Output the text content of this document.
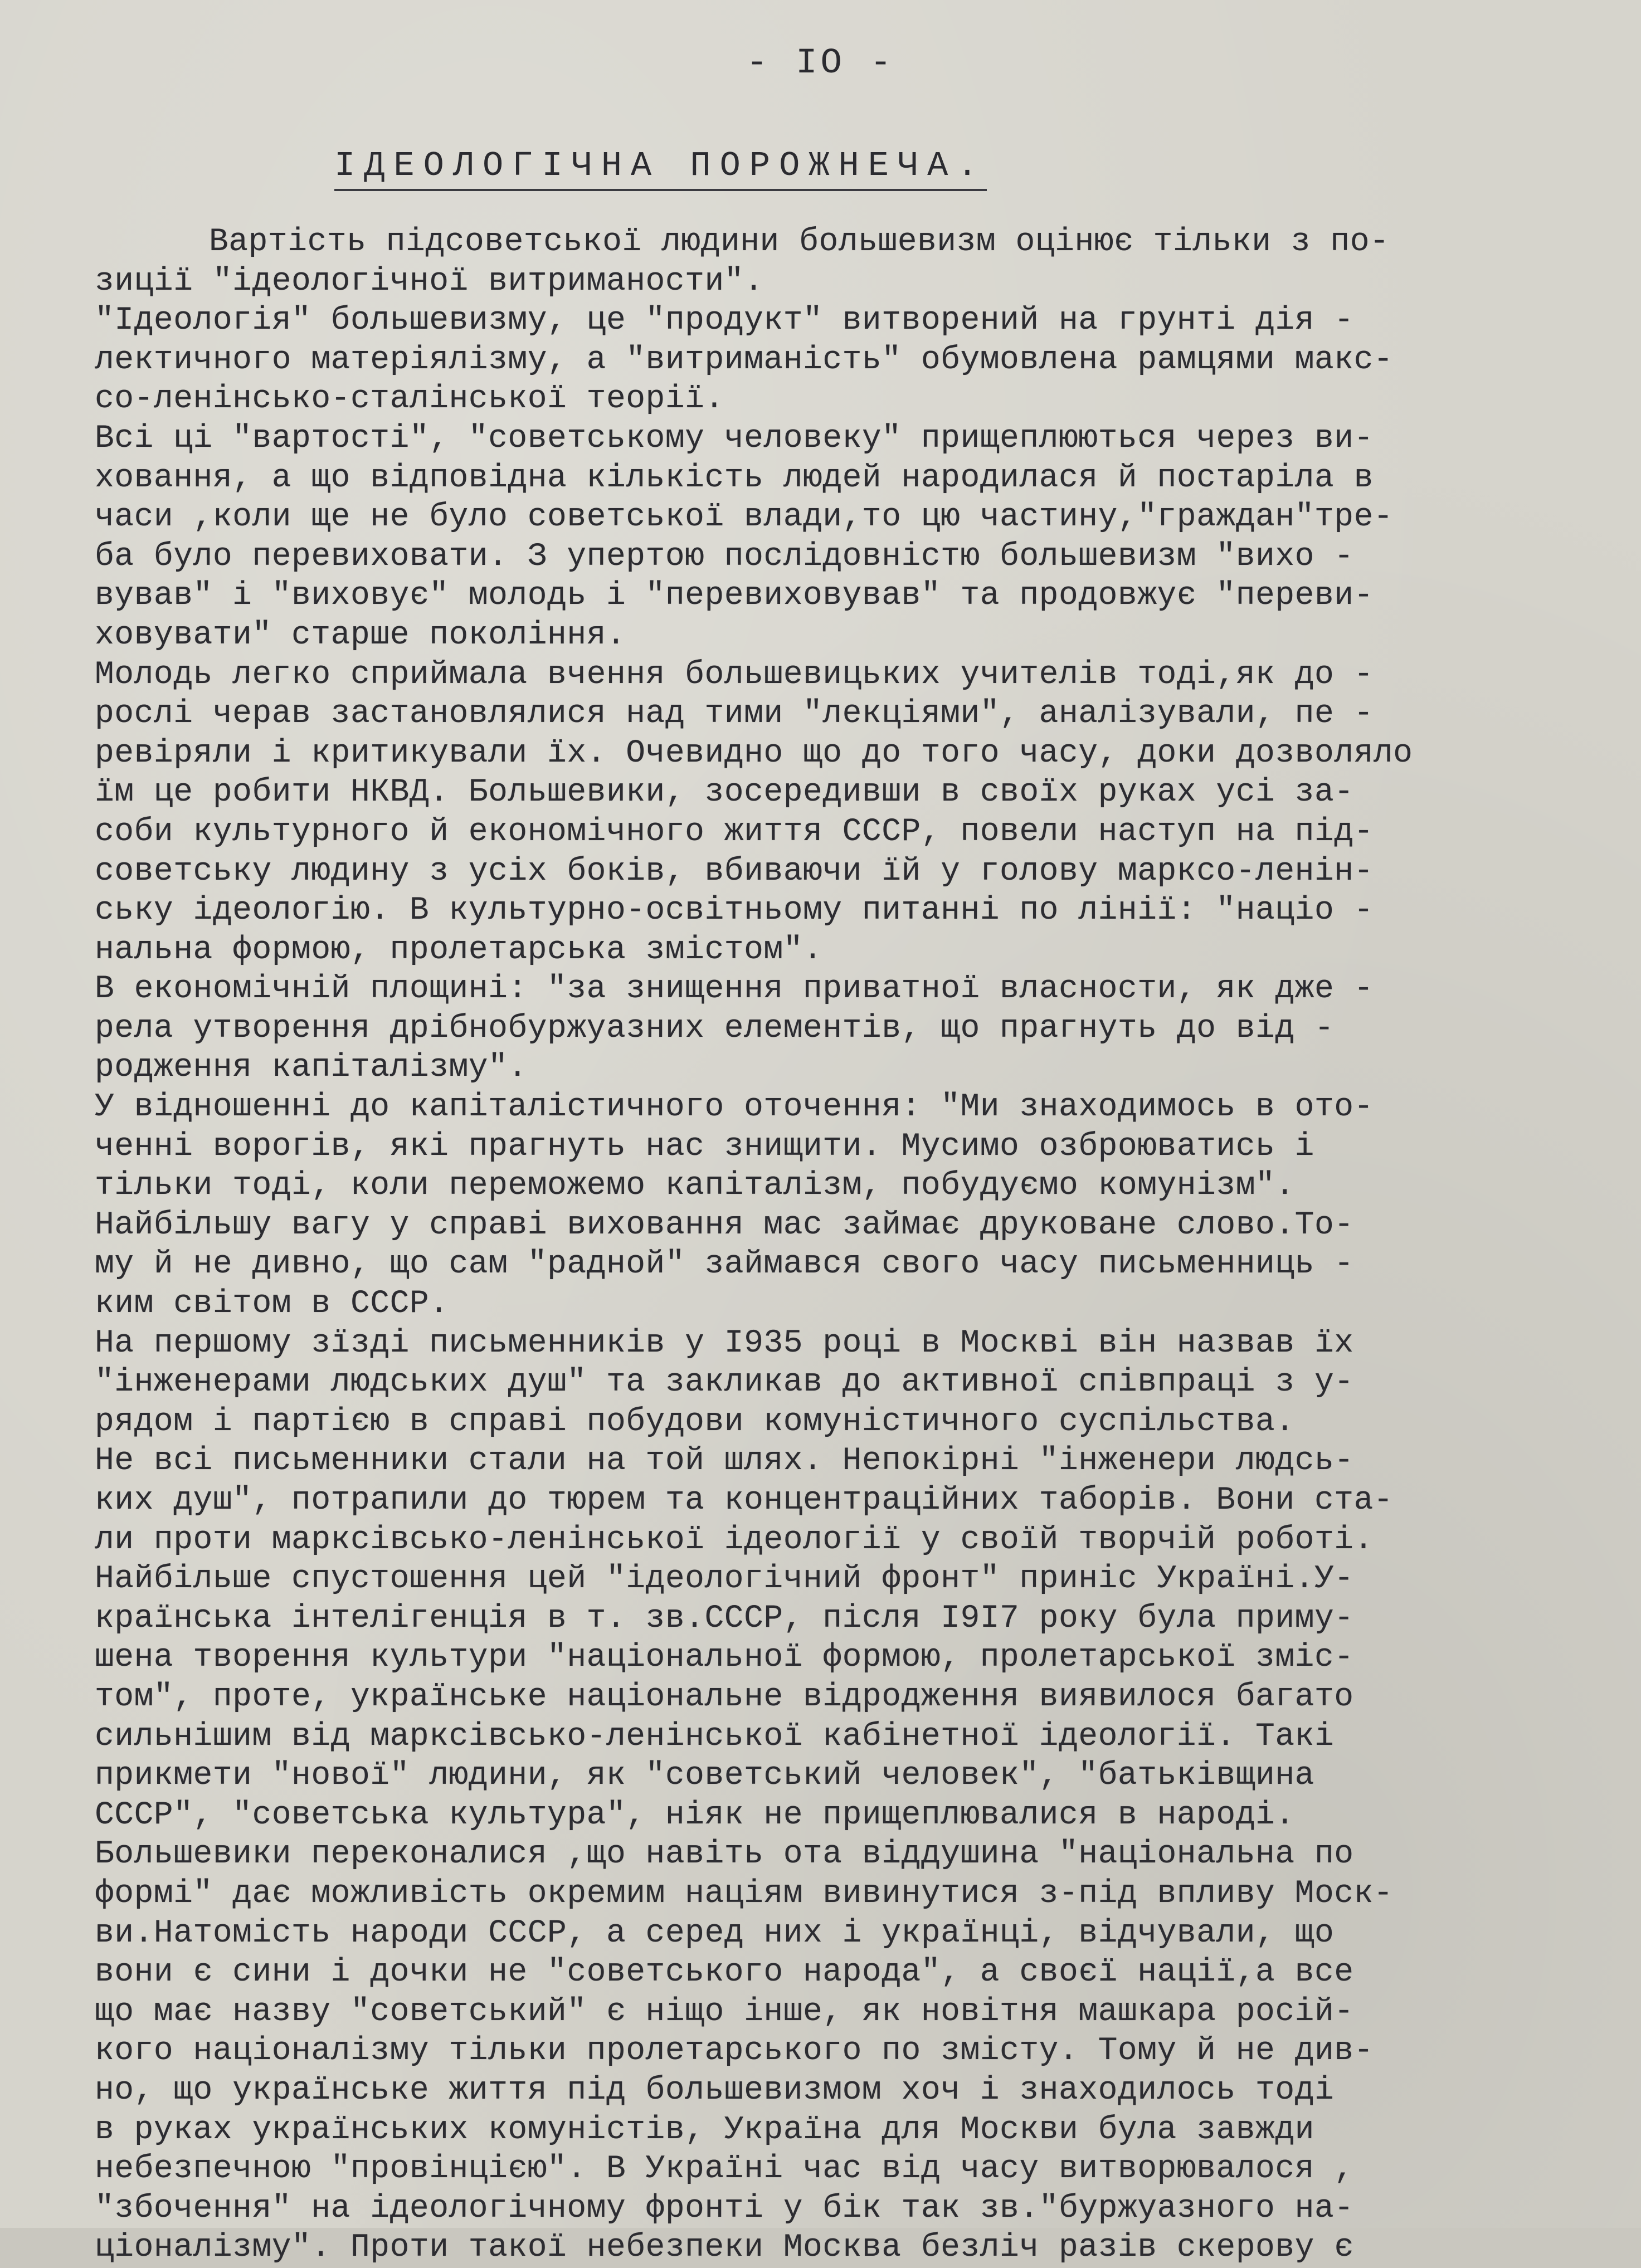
- IO -
ІДЕОЛОГІЧНА ПОРОЖНЕЧА.
Вартість підсоветської людини большевизм оцінює тільки з по-
зиції "ідеологічної витриманости".
"Ідеологія" большевизму, це "продукт" витворений на грунті дія -
лектичного матеріялізму, а "витриманість" обумовлена рамцями макс-
со-ленінсько-сталінської теорії.
Всі ці "вартості", "советському человеку" прищеплюються через ви-
ховання, а що відповідна кількість людей народилася й постаріла в
часи ,коли ще не було советської влади,то цю частину,"граждан"тре-
ба було перевиховати. З упертою послідовністю большевизм "вихо -
вував" і "виховує" молодь і "перевиховував" та продовжує "переви-
ховувати" старше покоління.
Молодь легко сприймала вчення большевицьких учителів тоді,як до -
рослі черав застановлялися над тими "лекціями", аналізували, пе -
ревіряли і критикували їх. Очевидно що до того часу, доки дозволяло
їм це робити НКВД. Большевики, зосередивши в своїх руках усі за-
соби культурного й економічного життя СССР, повели наступ на під-
советську людину з усіх боків, вбиваючи їй у голову марксо-ленін-
ську ідеологію. В культурно-освітньому питанні по лінії: "націо -
нальна формою, пролетарська змістом".
В економічній площині: "за знищення приватної власности, як дже -
рела утворення дрібнобуржуазних елементів, що прагнуть до від -
родження капіталізму".
У відношенні до капіталістичного оточення: "Ми знаходимось в ото-
ченні ворогів, які прагнуть нас знищити. Мусимо озброюватись і
тільки тоді, коли переможемо капіталізм, побудуємо комунізм".
Найбільшу вагу у справі виховання мас займає друковане слово.То-
му й не дивно, що сам "радной" займався свого часу письменниць -
ким світом в СССР.
На першому зїзді письменників у I935 році в Москві він назвав їх
"інженерами людських душ" та закликав до активної співпраці з у-
рядом і партією в справі побудови комуністичного суспільства.
Не всі письменники стали на той шлях. Непокірні "інженери людсь-
ких душ", потрапили до тюрем та концентраційних таборів. Вони ста-
ли проти марксівсько-ленінської ідеології у своїй творчій роботі.
Найбільше спустошення цей "ідеологічний фронт" приніс Україні.У-
країнська інтелігенція в т. зв.СССР, після I9I7 року була приму-
шена творення культури "національної формою, пролетарської зміс-
том", проте, українське національне відродження виявилося багато
сильнішим від марксівсько-ленінської кабінетної ідеології. Такі
прикмети "нової" людини, як "советський человек", "батьківщина
СССР", "советська культура", ніяк не прищеплювалися в народі.
Большевики переконалися ,що навіть ота віддушина "національна по
формі" дає можливість окремим націям вивинутися з-під впливу Моск-
ви.Натомість народи СССР, а серед них і українці, відчували, що
вони є сини і дочки не "советського народа", а своєї нації,а все
що має назву "советський" є ніщо інше, як новітня машкара росій-
кого націоналізму тільки пролетарського по змісту. Тому й не див-
но, що українське життя під большевизмом хоч і знаходилось тоді
в руках українських комуністів, Україна для Москви була завжди
небезпечною "провінцією". В Україні час від часу витворювалося ,
"збочення" на ідеологічному фронті у бік так зв."буржуазного на-
ціоналізму". Проти такої небезпеки Москва безліч разів скерову є
